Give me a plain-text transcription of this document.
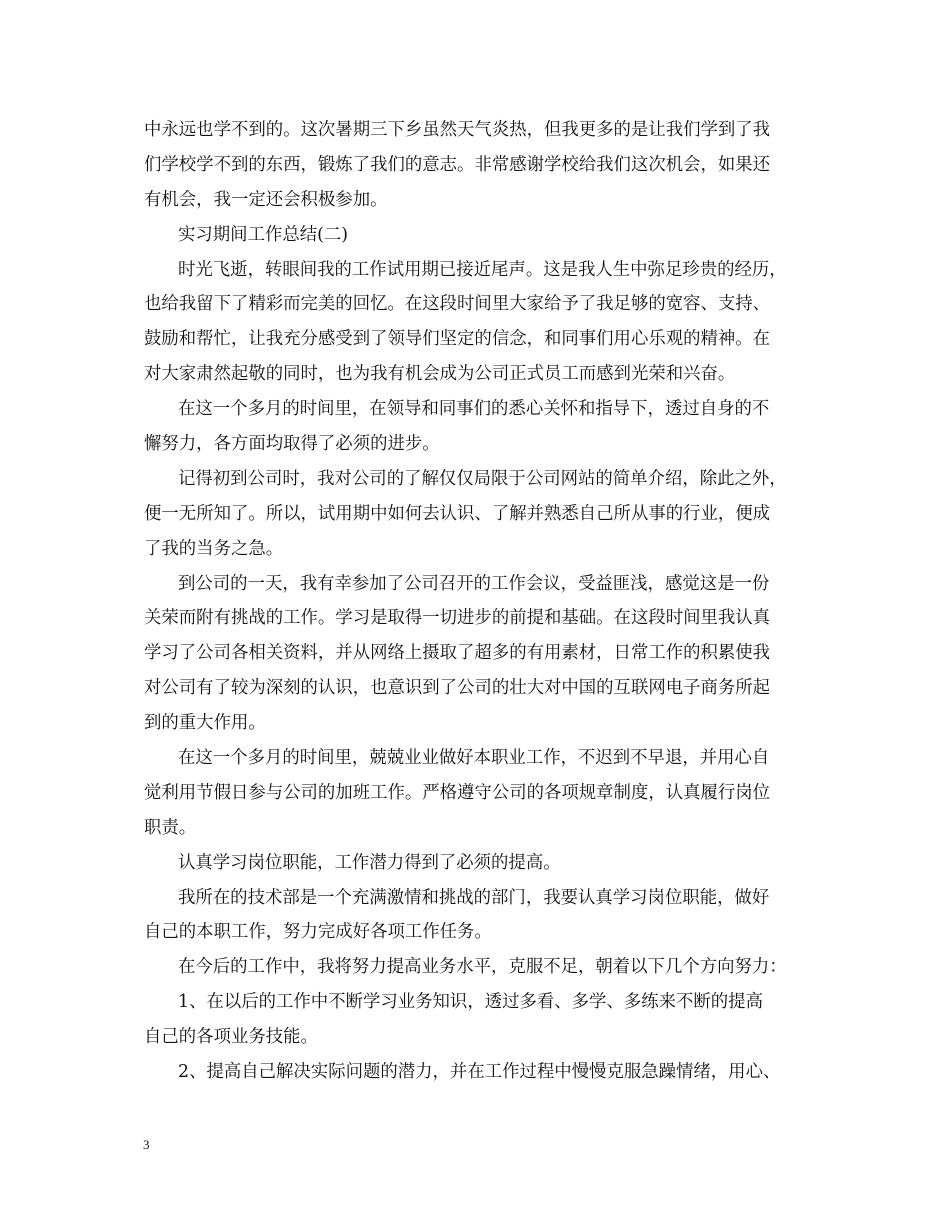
中永远也学不到的。这次暑期三下乡虽然天气炎热，但我更多的是让我们学到了我
们学校学不到的东西，锻炼了我们的意志。非常感谢学校给我们这次机会，如果还
有机会，我一定还会积极参加。
实习期间工作总结(二)
时光飞逝，转眼间我的工作试用期已接近尾声。这是我人生中弥足珍贵的经历，
也给我留下了精彩而完美的回忆。在这段时间里大家给予了我足够的宽容、支持、
鼓励和帮忙，让我充分感受到了领导们坚定的信念，和同事们用心乐观的精神。在
对大家肃然起敬的同时，也为我有机会成为公司正式员工而感到光荣和兴奋。
在这一个多月的时间里，在领导和同事们的悉心关怀和指导下，透过自身的不
懈努力，各方面均取得了必须的进步。
记得初到公司时，我对公司的了解仅仅局限于公司网站的简单介绍，除此之外，
便一无所知了。所以，试用期中如何去认识、了解并熟悉自己所从事的行业，便成
了我的当务之急。
到公司的一天，我有幸参加了公司召开的工作会议，受益匪浅，感觉这是一份
关荣而附有挑战的工作。学习是取得一切进步的前提和基础。在这段时间里我认真
学习了公司各相关资料，并从网络上摄取了超多的有用素材，日常工作的积累使我
对公司有了较为深刻的认识，也意识到了公司的壮大对中国的互联网电子商务所起
到的重大作用。
在这一个多月的时间里，兢兢业业做好本职业工作，不迟到不早退，并用心自
觉利用节假日参与公司的加班工作。严格遵守公司的各项规章制度，认真履行岗位
职责。
认真学习岗位职能，工作潜力得到了必须的提高。
我所在的技术部是一个充满激情和挑战的部门，我要认真学习岗位职能，做好
自己的本职工作，努力完成好各项工作任务。
在今后的工作中，我将努力提高业务水平，克服不足，朝着以下几个方向努力：
1、在以后的工作中不断学习业务知识，透过多看、多学、多练来不断的提高
自己的各项业务技能。
2、提高自己解决实际问题的潜力，并在工作过程中慢慢克服急躁情绪，用心、
3
